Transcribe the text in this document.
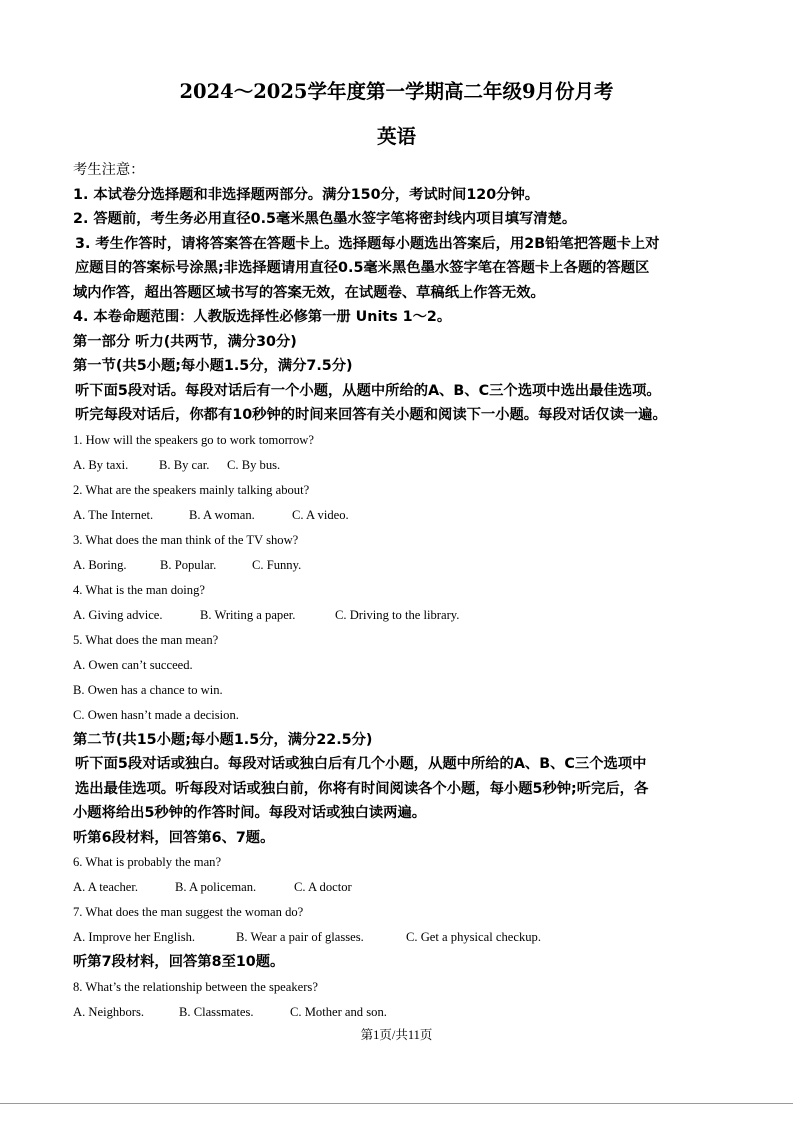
2024～2025学年度第一学期高二年级9月份月考
英语
考生注意：
1. 本试卷分选择题和非选择题两部分。满分150分，考试时间120分钟。
2. 答题前，考生务必用直径0.5毫米黑色墨水签字笔将密封线内项目填写清楚。
3. 考生作答时，请将答案答在答题卡上。选择题每小题选出答案后，用2B铅笔把答题卡上对
应题目的答案标号涂黑;非选择题请用直径0.5毫米黑色墨水签字笔在答题卡上各题的答题区
域内作答，超出答题区域书写的答案无效，在试题卷、草稿纸上作答无效。
4. 本卷命题范围：人教版选择性必修第一册 Units 1～2。
第一部分 听力(共两节，满分30分)
第一节(共5小题;每小题1.5分，满分7.5分)
听下面5段对话。每段对话后有一个小题，从题中所给的A、B、C三个选项中选出最佳选项。
听完每段对话后，你都有10秒钟的时间来回答有关小题和阅读下一小题。每段对话仅读一遍。
1. How will the speakers go to work tomorrow?
A. By taxi. B. By car. C. By bus.
2. What are the speakers mainly talking about?
A. The Internet.	B. A woman.	C. A video.
3. What does the man think of the TV show?
A. Boring.	B. Popular.	C. Funny.
4. What is the man doing?
A. Giving advice.	B. Writing a paper.	C. Driving to the library.
5. What does the man mean?
A. Owen can’t succeed.
B. Owen has a chance to win.
C. Owen hasn’t made a decision.
第二节(共15小题;每小题1.5分，满分22.5分)
听下面5段对话或独白。每段对话或独白后有几个小题，从题中所给的A、B、C三个选项中
选出最佳选项。听每段对话或独白前，你将有时间阅读各个小题，每小题5秒钟;听完后，各
小题将给出5秒钟的作答时间。每段对话或独白读两遍。
听第6段材料，回答第6、7题。
6. What is probably the man?
A. A teacher.	B. A policeman.	C. A doctor
7. What does the man suggest the woman do?
A. Improve her English.	B. Wear a pair of glasses.	C. Get a physical checkup.
听第7段材料，回答第8至10题。
8. What’s the relationship between the speakers?
A. Neighbors.	B. Classmates.	C. Mother and son.
第1页/共11页
